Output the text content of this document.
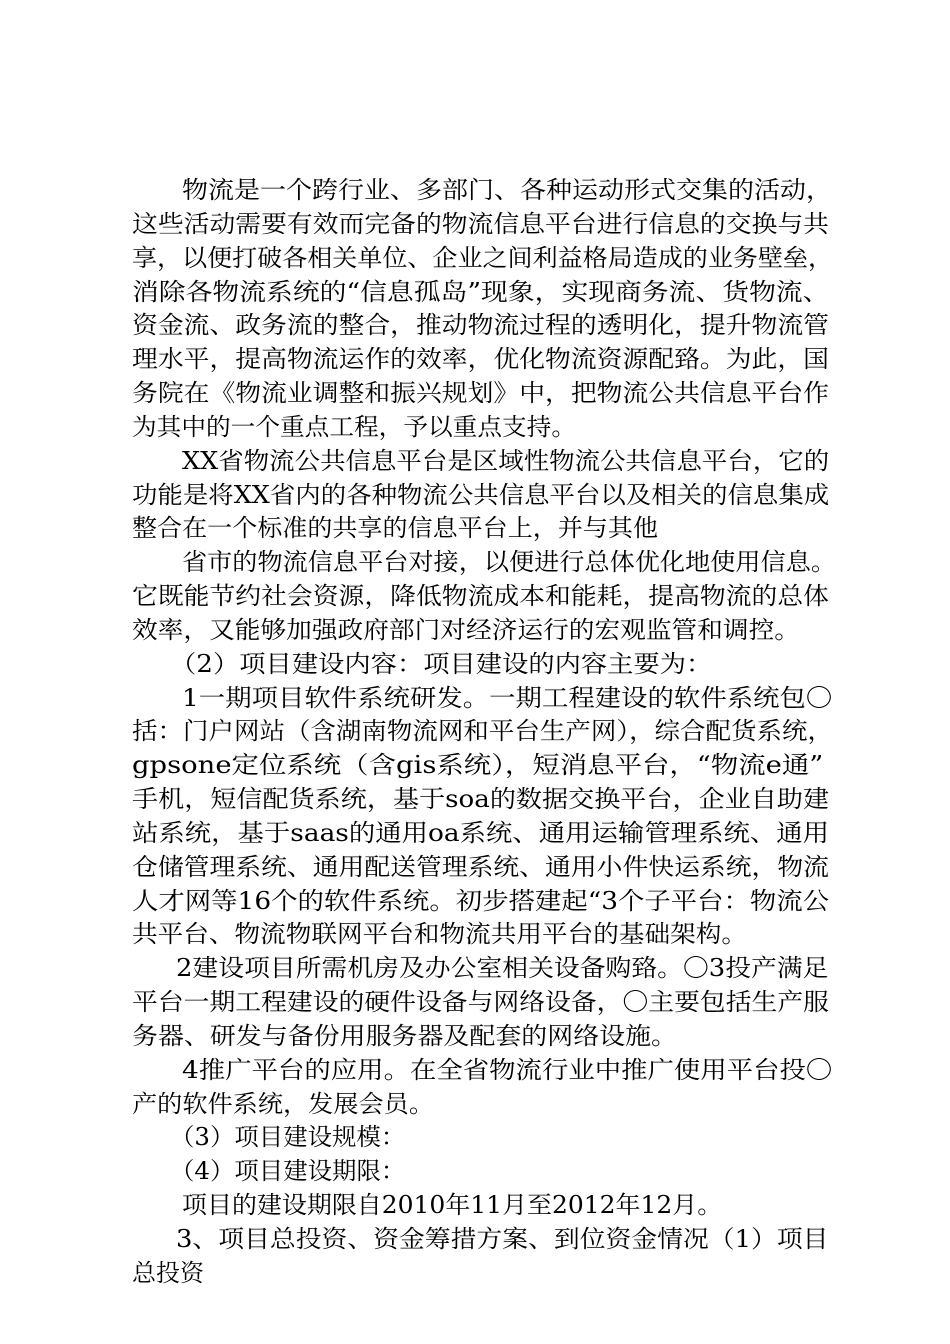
物流是一个跨行业、多部门、各种运动形式交集的活动，

这些活动需要有效而完备的物流信息平台进行信息的交换与共

享，以便打破各相关单位、企业之间利益格局造成的业务壁垒，

消除各物流系统的“信息孤岛”现象，实现商务流、货物流、

资金流、政务流的整合，推动物流过程的透明化，提升物流管

理水平，提高物流运作的效率，优化物流资源配臵。为此，国

务院在《物流业调整和振兴规划》中，把物流公共信息平台作

为其中的一个重点工程，予以重点支持。

XX省物流公共信息平台是区域性物流公共信息平台，它的

功能是将XX省内的各种物流公共信息平台以及相关的信息集成

整合在一个标准的共享的信息平台上，并与其他

省市的物流信息平台对接，以便进行总体优化地使用信息。

它既能节约社会资源，降低物流成本和能耗，提高物流的总体

效率，又能够加强政府部门对经济运行的宏观监管和调控。

（2）项目建设内容：项目建设的内容主要为：

1一期项目软件系统研发。一期工程建设的软件系统包〇

括：门户网站（含湖南物流网和平台生产网），综合配货系统，

gpsone定位系统（含gis系统），短消息平台，“物流e通”

手机，短信配货系统，基于soa的数据交换平台，企业自助建

站系统，基于saas的通用oa系统、通用运输管理系统、通用

仓储管理系统、通用配送管理系统、通用小件快运系统，物流

人才网等16个的软件系统。初步搭建起“3个子平台：物流公

共平台、物流物联网平台和物流共用平台的基础架构。

2建设项目所需机房及办公室相关设备购臵。〇3投产满足

平台一期工程建设的硬件设备与网络设备，〇主要包括生产服

务器、研发与备份用服务器及配套的网络设施。

4推广平台的应用。在全省物流行业中推广使用平台投〇

产的软件系统，发展会员。

（3）项目建设规模：

（4）项目建设期限：

项目的建设期限自2010年11月至2012年12月。

3、项目总投资、资金筹措方案、到位资金情况（1）项目

总投资
